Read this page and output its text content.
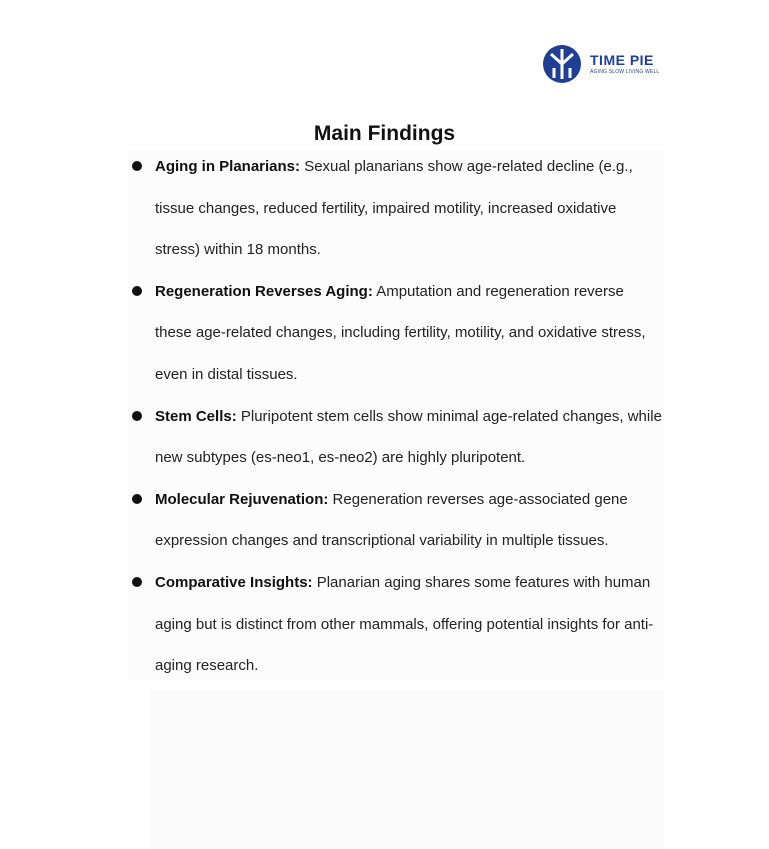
TIME PIE
AGING SLOW LIVING WELL
Main Findings
Aging in Planarians: Sexual planarians show age-related decline (e.g., tissue changes, reduced fertility, impaired motility, increased oxidative stress) within 18 months.
Regeneration Reverses Aging: Amputation and regeneration reverse these age-related changes, including fertility, motility, and oxidative stress, even in distal tissues.
Stem Cells: Pluripotent stem cells show minimal age-related changes, while new subtypes (es-neo1, es-neo2) are highly pluripotent.
Molecular Rejuvenation: Regeneration reverses age-associated gene expression changes and transcriptional variability in multiple tissues.
Comparative Insights: Planarian aging shares some features with human aging but is distinct from other mammals, offering potential insights for anti-aging research.
